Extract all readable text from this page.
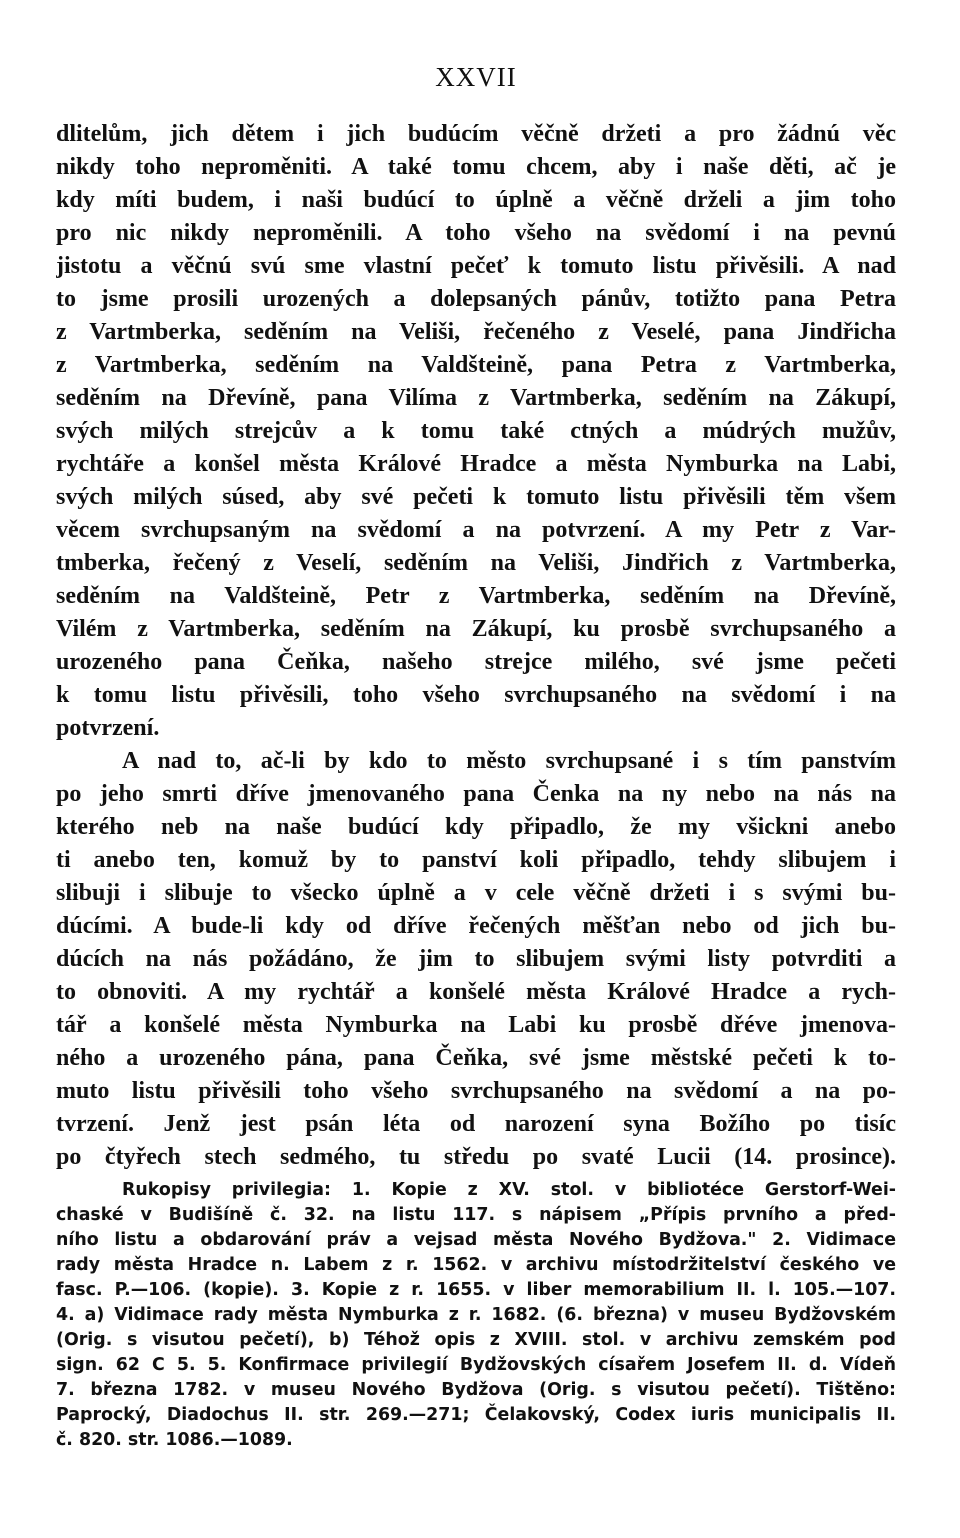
XXVII
dlitelům, jich dětem i jich budúcím věčně držeti a pro žádnú věc
nikdy toho neproměniti. A také tomu chcem, aby i naše děti, ač je
kdy míti budem, i naši budúcí to úplně a věčně drželi a jim toho
pro nic nikdy neproměnili. A toho všeho na svědomí i na pevnú
jistotu a věčnú svú sme vlastní pečeť k tomuto listu přivěsili. A nad
to jsme prosili urozených a dolepsaných pánův, totižto pana Petra
z Vartmberka, seděním na Veliši, řečeného z Veselé, pana Jindřicha
z Vartmberka, seděním na Valdšteině, pana Petra z Vartmberka,
seděním na Dřevíně, pana Vilíma z Vartmberka, seděním na Zákupí,
svých milých strejcův a k tomu také ctných a múdrých mužův,
rychtáře a konšel města Králové Hradce a města Nymburka na Labi,
svých milých súsed, aby své pečeti k tomuto listu přivěsili těm všem
věcem svrchupsaným na svědomí a na potvrzení. A my Petr z Var-
tmberka, řečený z Veselí, seděním na Veliši, Jindřich z Vartmberka,
seděním na Valdšteině, Petr z Vartmberka, seděním na Dřevíně,
Vilém z Vartmberka, seděním na Zákupí, ku prosbě svrchupsaného a
urozeného pana Čeňka, našeho strejce milého, své jsme pečeti
k tomu listu přivěsili, toho všeho svrchupsaného na svědomí i na
potvrzení.
A nad to, ač-li by kdo to město svrchupsané i s tím panstvím
po jeho smrti dříve jmenovaného pana Čenka na ny nebo na nás na
kterého neb na naše budúcí kdy připadlo, že my všickni anebo
ti anebo ten, komuž by to panství koli připadlo, tehdy slibujem i
slibuji i slibuje to všecko úplně a v cele věčně držeti i s svými bu-
dúcími. A bude-li kdy od dříve řečených měšťan nebo od jich bu-
dúcích na nás požádáno, že jim to slibujem svými listy potvrditi a
to obnoviti. A my rychtář a konšelé města Králové Hradce a rych-
tář a konšelé města Nymburka na Labi ku prosbě dřéve jmenova-
ného a urozeného pána, pana Čeňka, své jsme městské pečeti k to-
muto listu přivěsili toho všeho svrchupsaného na svědomí a na po-
tvrzení. Jenž jest psán léta od narození syna Božího po tisíc
po čtyřech stech sedmého, tu středu po svaté Lucii (14. prosince).
Rukopisy privilegia: 1. Kopie z XV. stol. v bibliotéce Gerstorf-Wei-
chaské v Budišíně č. 32. na listu 117. s nápisem „Přípis prvního a před-
ního listu a obdarování práv a vejsad města Nového Bydžova." 2. Vidimace
rady města Hradce n. Labem z r. 1562. v archivu místodržitelství českého ve
fasc. P.—106. (kopie). 3. Kopie z r. 1655. v liber memorabilium II. l. 105.—107.
4. a) Vidimace rady města Nymburka z r. 1682. (6. března) v museu Bydžovském
(Orig. s visutou pečetí), b) Téhož opis z XVIII. stol. v archivu zemském pod
sign. 62 C 5. 5. Konfirmace privilegií Bydžovských císařem Josefem II. d. Vídeň
7. března 1782. v museu Nového Bydžova (Orig. s visutou pečetí). Tištěno:
Paprocký, Diadochus II. str. 269.—271; Čelakovský, Codex iuris municipalis II.
č. 820. str. 1086.—1089.
